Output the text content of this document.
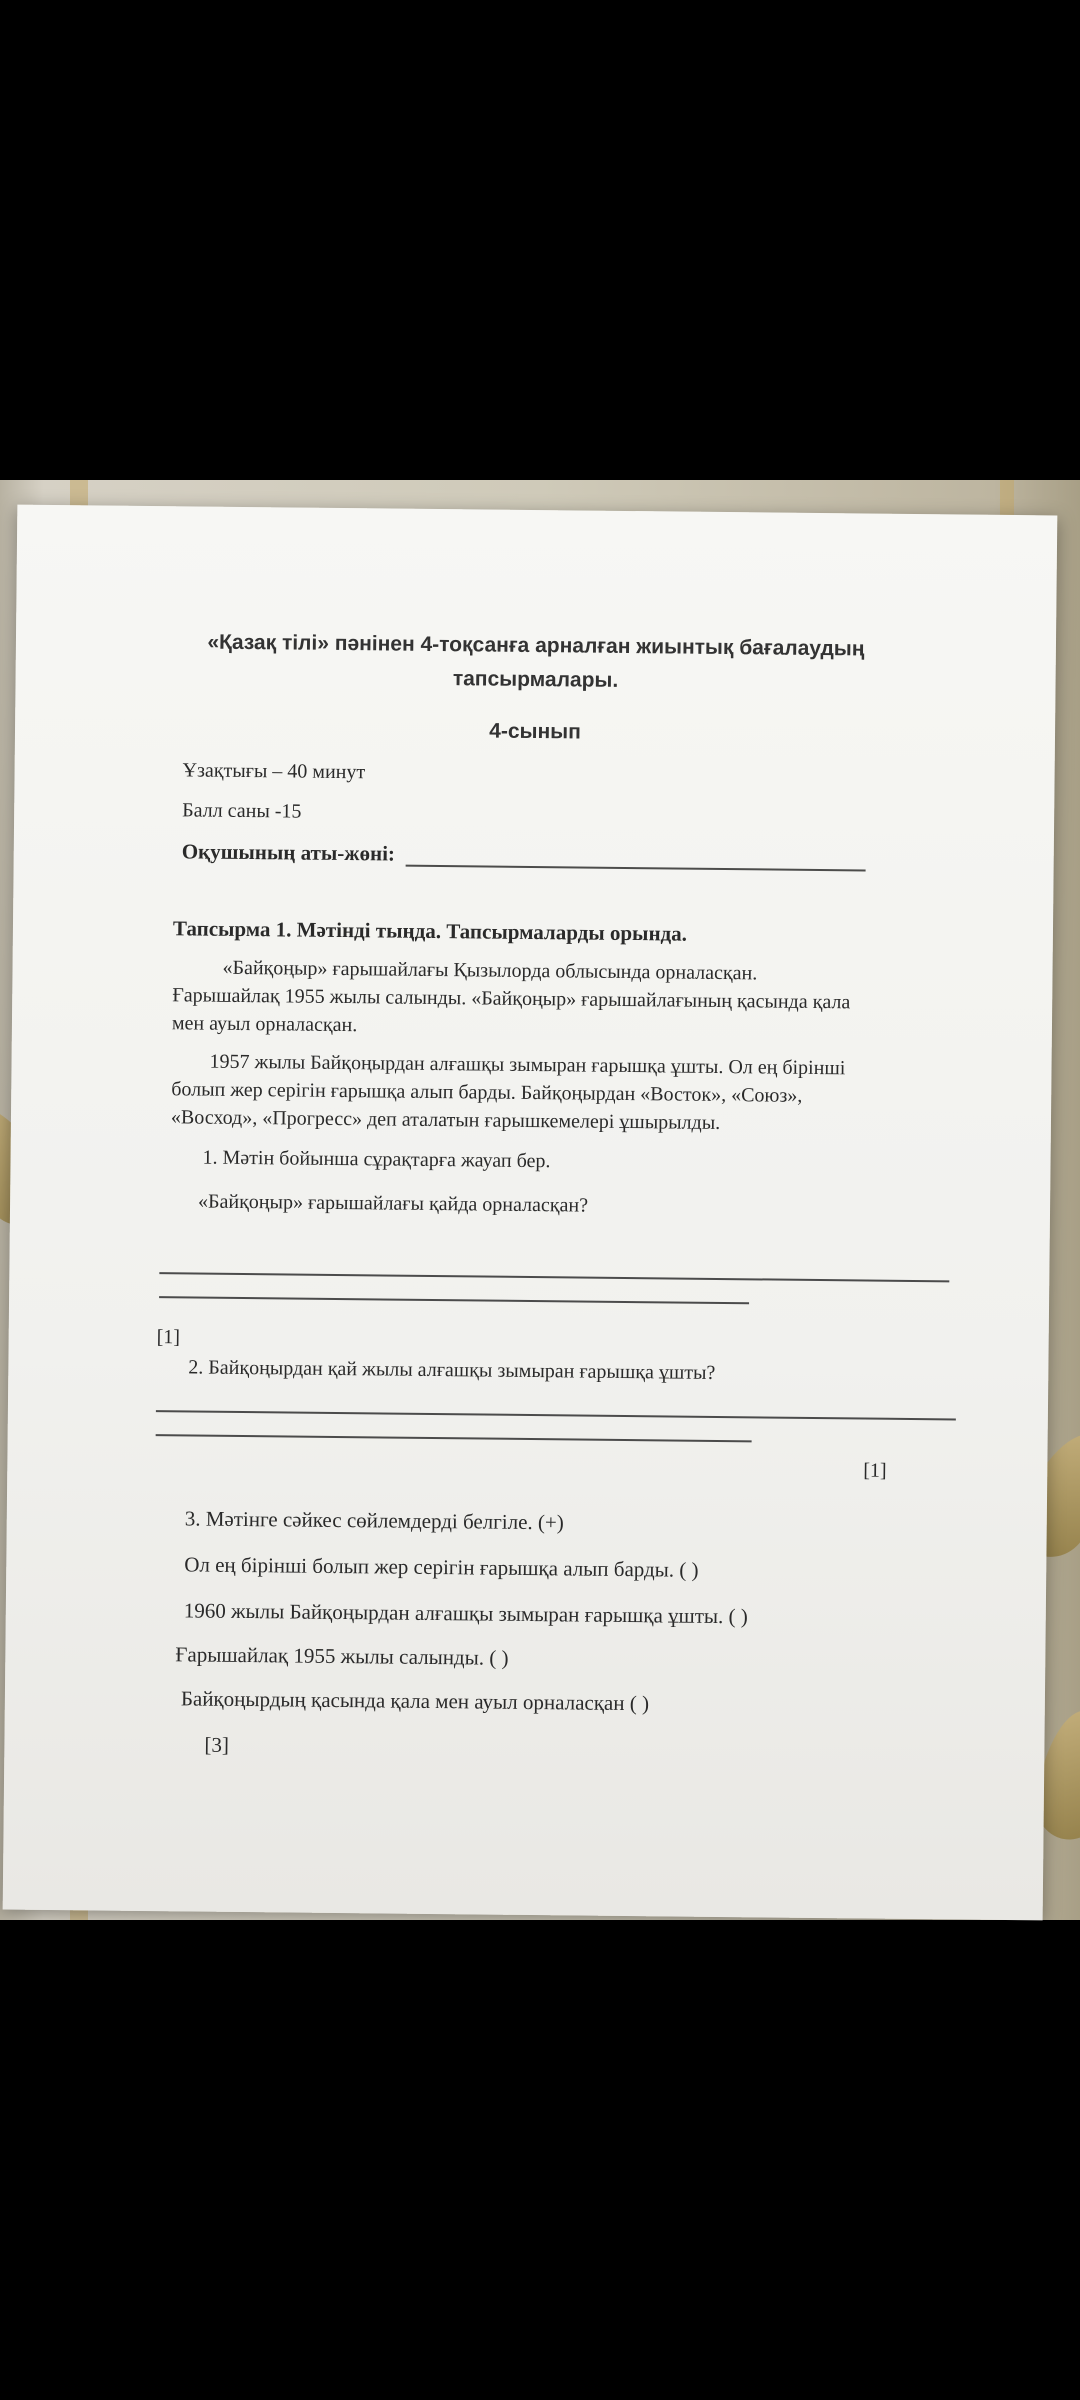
«Қазақ тілі» пәнінен 4-тоқсанға арналған жиынтық бағалаудың
тапсырмалары.
4-сынып
Ұзақтығы – 40 минут
Балл саны -15
Оқушының аты-жөні:
Тапсырма 1. Мәтінді тыңда. Тапсырмаларды орында.
«Байқоңыр» ғарышайлағы Қызылорда облысында орналасқан.
Ғарышайлақ 1955 жылы салынды. «Байқоңыр» ғарышайлағының қасында қала
мен ауыл орналасқан.
1957 жылы Байқоңырдан алғашқы зымыран ғарышқа ұшты. Ол ең бірінші
болып жер серігін ғарышқа алып барды. Байқоңырдан «Восток», «Союз»,
«Восход», «Прогресс» деп аталатын ғарышкемелері ұшырылды.
1. Мәтін бойынша сұрақтарға жауап бер.
«Байқоңыр» ғарышайлағы қайда орналасқан?
[1]
2. Байқоңырдан қай жылы алғашқы зымыран ғарышқа ұшты?
[1]
3. Мәтінге сәйкес сөйлемдерді белгіле. (+)
Ол ең бірінші болып жер серігін ғарышқа алып барды. ( )
1960 жылы Байқоңырдан алғашқы зымыран ғарышқа ұшты. ( )
Ғарышайлақ 1955 жылы салынды. ( )
Байқоңырдың қасында қала мен ауыл орналасқан ( )
[3]
